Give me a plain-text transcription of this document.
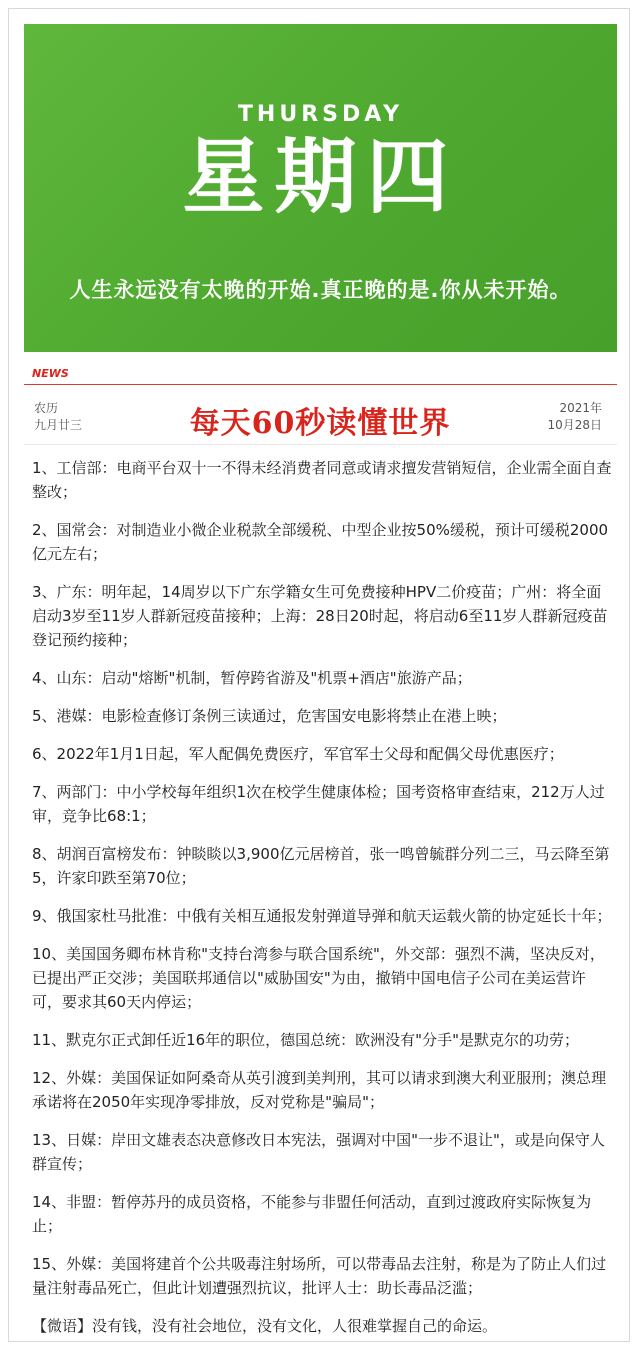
THURSDAY
星期四
人生永远没有太晚的开始.真正晚的是.你从未开始。
NEWS
农历
九月廿三	每天60秒读懂世界	2021年
10月28日

1、工信部：电商平台双十一不得未经消费者同意或请求擅发营销短信，企业需全面自查整改；

2、国常会：对制造业小微企业税款全部缓税、中型企业按50%缓税，预计可缓税2000亿元左右；

3、广东：明年起，14周岁以下广东学籍女生可免费接种HPV二价疫苗；广州：将全面启动3岁至11岁人群新冠疫苗接种；上海：28日20时起，将启动6至11岁人群新冠疫苗登记预约接种；

4、山东：启动"熔断"机制，暂停跨省游及"机票+酒店"旅游产品；

5、港媒：电影检查修订条例三读通过，危害国安电影将禁止在港上映；

6、2022年1月1日起，军人配偶免费医疗，军官军士父母和配偶父母优惠医疗；

7、两部门：中小学校每年组织1次在校学生健康体检；国考资格审查结束，212万人过审，竞争比68:1；

8、胡润百富榜发布：钟睒睒以3,900亿元居榜首，张一鸣曾毓群分列二三，马云降至第5，许家印跌至第70位；

9、俄国家杜马批准：中俄有关相互通报发射弹道导弹和航天运载火箭的协定延长十年；

10、美国国务卿布林肯称"支持台湾参与联合国系统"，外交部：强烈不满，坚决反对，已提出严正交涉；美国联邦通信以"威胁国安"为由，撤销中国电信子公司在美运营许可，要求其60天内停运；

11、默克尔正式卸任近16年的职位，德国总统：欧洲没有"分手"是默克尔的功劳；

12、外媒：美国保证如阿桑奇从英引渡到美判刑，其可以请求到澳大利亚服刑；澳总理承诺将在2050年实现净零排放，反对党称是"骗局"；

13、日媒：岸田文雄表态决意修改日本宪法，强调对中国"一步不退让"，或是向保守人群宣传；

14、非盟：暂停苏丹的成员资格，不能参与非盟任何活动，直到过渡政府实际恢复为止；

15、外媒：美国将建首个公共吸毒注射场所，可以带毒品去注射，称是为了防止人们过量注射毒品死亡，但此计划遭强烈抗议，批评人士：助长毒品泛滥；

【微语】没有钱，没有社会地位，没有文化，人很难掌握自己的命运。
